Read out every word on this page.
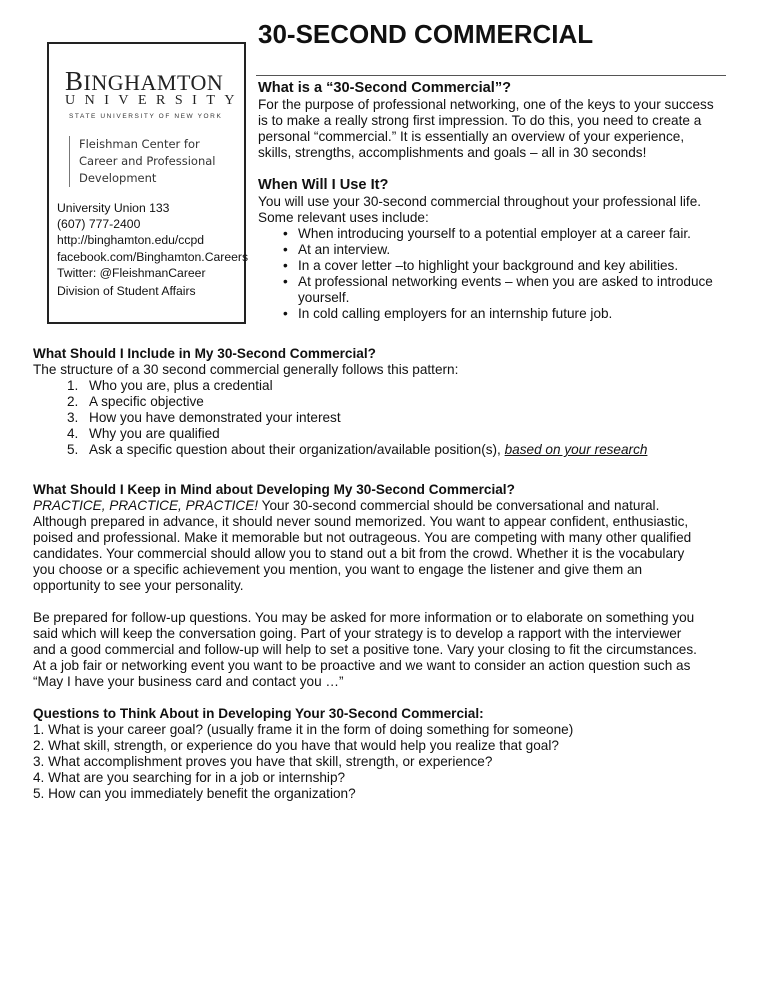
BINGHAMTON
UNIVERSITY
STATE UNIVERSITY OF NEW YORK
Fleishman Center for
Career and Professional
Development
University Union 133
(607) 777-2400
http://binghamton.edu/ccpd
facebook.com/Binghamton.Careers
Twitter: @FleishmanCareer
Division of Student Affairs
30-SECOND COMMERCIAL
What is a “30-Second Commercial”?
For the purpose of professional networking, one of the keys to your success
is to make a really strong first impression. To do this, you need to create a
personal “commercial.” It is essentially an overview of your experience,
skills, strengths, accomplishments and goals – all in 30 seconds!
When Will I Use It?
You will use your 30-second commercial throughout your professional life.
Some relevant uses include:
• When introducing yourself to a potential employer at a career fair.
• At an interview.
• In a cover letter –to highlight your background and key abilities.
• At professional networking events – when you are asked to introduce
yourself.
• In cold calling employers for an internship future job.
What Should I Include in My 30-Second Commercial?
The structure of a 30 second commercial generally follows this pattern:
1. Who you are, plus a credential
2. A specific objective
3. How you have demonstrated your interest
4. Why you are qualified
5. Ask a specific question about their organization/available position(s), based on your research
What Should I Keep in Mind about Developing My 30-Second Commercial?
PRACTICE, PRACTICE, PRACTICE! Your 30-second commercial should be conversational and natural.
Although prepared in advance, it should never sound memorized. You want to appear confident, enthusiastic,
poised and professional. Make it memorable but not outrageous. You are competing with many other qualified
candidates. Your commercial should allow you to stand out a bit from the crowd. Whether it is the vocabulary
you choose or a specific achievement you mention, you want to engage the listener and give them an
opportunity to see your personality.
Be prepared for follow-up questions. You may be asked for more information or to elaborate on something you
said which will keep the conversation going. Part of your strategy is to develop a rapport with the interviewer
and a good commercial and follow-up will help to set a positive tone. Vary your closing to fit the circumstances.
At a job fair or networking event you want to be proactive and we want to consider an action question such as
“May I have your business card and contact you …”
Questions to Think About in Developing Your 30-Second Commercial:
1. What is your career goal? (usually frame it in the form of doing something for someone)
2. What skill, strength, or experience do you have that would help you realize that goal?
3. What accomplishment proves you have that skill, strength, or experience?
4. What are you searching for in a job or internship?
5. How can you immediately benefit the organization?
